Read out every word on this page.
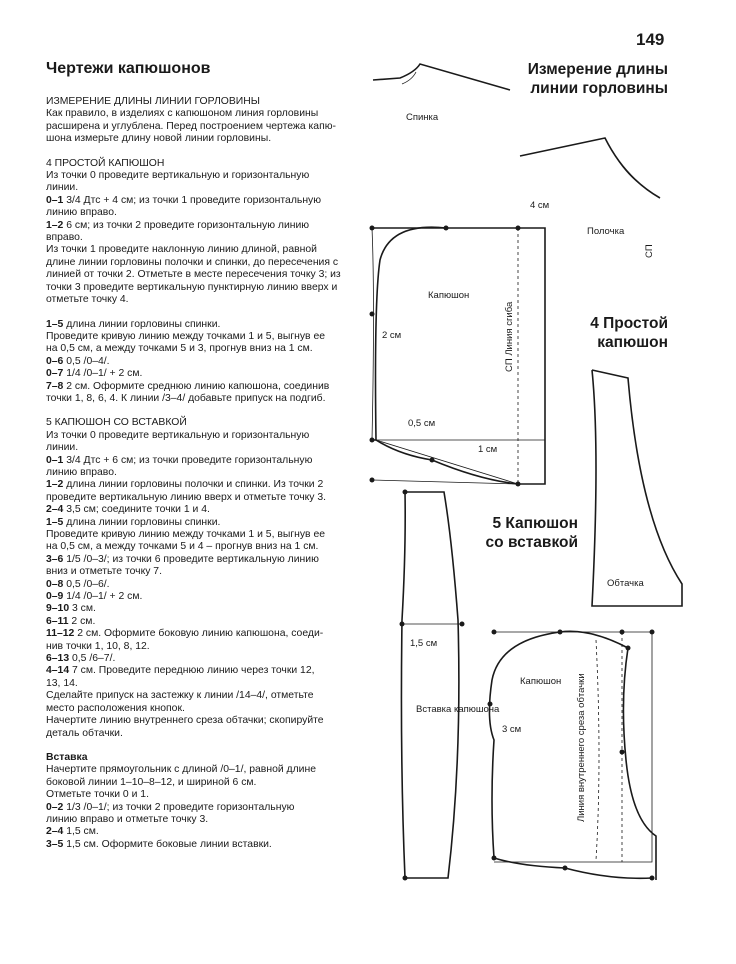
149
Чертежи капюшонов	Измерение длины
линии горловины
4 Простой
капюшон
5 Капюшон
со вставкой

ИЗМЕРЕНИЕ ДЛИНЫ ЛИНИИ ГОРЛОВИНЫ

Как правило, в изделиях с капюшоном линия горловины

расширена и углублена. Перед построением чертежа капю-

шона измерьте длину новой линии горловины.

4 ПРОСТОЙ КАПЮШОН

Из точки 0 проведите вертикальную и горизонтальную

линии.

0–1 3/4 Дтс + 4 см; из точки 1 проведите горизонтальную

линию вправо.

1–2 6 см; из точки 2 проведите горизонтальную линию

вправо.

Из точки 1 проведите наклонную линию длиной, равной

длине линии горловины полочки и спинки, до пересечения с

линией от точки 2. Отметьте в месте пересечения точку 3; из

точки 3 проведите вертикальную пунктирную линию вверх и

отметьте точку 4.

1–5 длина линии горловины спинки.

Проведите кривую линию между точками 1 и 5, выгнув ее

на 0,5 см, а между точками 5 и 3, прогнув вниз на 1 см.

0–6 0,5 /0–4/.

0–7 1/4 /0–1/ + 2 см.

7–8 2 см. Оформите среднюю линию капюшона, соединив

точки 1, 8, 6, 4. К линии /3–4/ добавьте припуск на подгиб.

5 КАПЮШОН СО ВСТАВКОЙ

Из точки 0 проведите вертикальную и горизонтальную

линии.

0–1 3/4 Дтс + 6 см; из точки проведите горизонтальную

линию вправо.

1–2 длина линии горловины полочки и спинки. Из точки 2

проведите вертикальную линию вверх и отметьте точку 3.

2–4 3,5 см; соедините точки 1 и 4.

1–5 длина линии горловины спинки.

Проведите кривую линию между точками 1 и 5, выгнув ее

на 0,5 см, а между точками 5 и 4 – прогнув вниз на 1 см.

3–6 1/5 /0–3/; из точки 6 проведите вертикальную линию

вниз и отметьте точку 7.

0–8 0,5 /0–6/.

0–9 1/4 /0–1/ + 2 см.

9–10 3 см.

6–11 2 см.

11–12 2 см. Оформите боковую линию капюшона, соеди-

нив точки 1, 10, 8, 12.

6–13 0,5 /6–7/.

4–14 7 см. Проведите переднюю линию через точки 12,

13, 14.

Сделайте припуск на застежку к линии /14–4/, отметьте

место расположения кнопок.

Начертите линию внутреннего среза обтачки; скопируйте

деталь обтачки.

Вставка

Начертите прямоугольник с длиной /0–1/, равной длине

боковой линии 1–10–8–12, и шириной 6 см.

Отметьте точки 0 и 1.

0–2 1/3 /0–1/; из точки 2 проведите горизонтальную

линию вправо и отметьте точку 3.

2–4 1,5 см.

3–5 1,5 см. Оформите боковые линии вставки.

Спинка
Полочка
СП
Капюшон
СП Линия сгиба
Обтачка
Вставка капюшона
Капюшон Линия внутреннего среза обтачки
4 см
2 см
0,5 см
1 см
1,5 см
3 см
